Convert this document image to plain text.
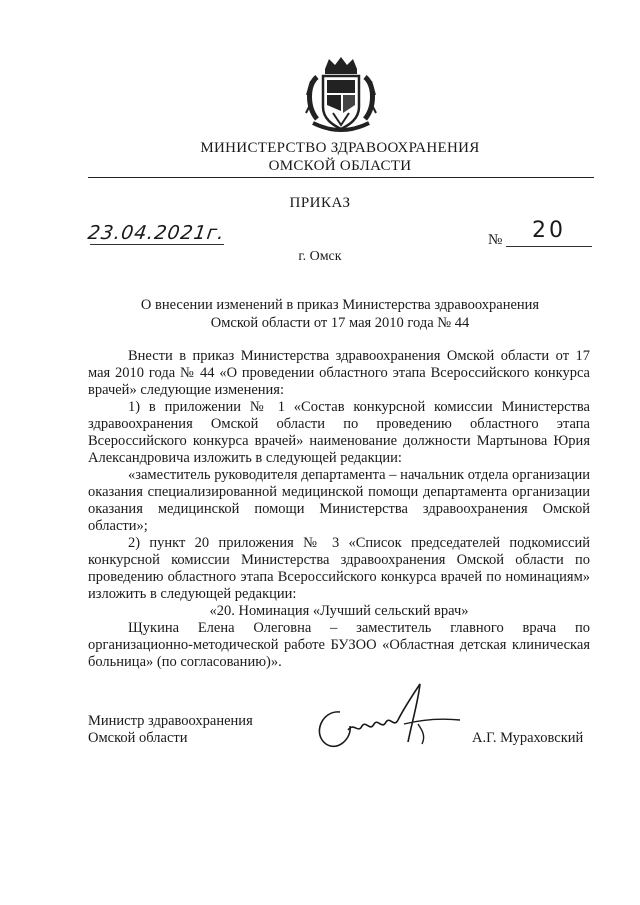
МИНИСТЕРСТВО ЗДРАВООХРАНЕНИЯ
ОМСКОЙ ОБЛАСТИ
ПРИКАЗ
23.04.2021г.	№	20
г. Омск
О внесении изменений в приказ Министерства здравоохранения
Омской области от 17 мая 2010 года № 44

Внести в приказ Министерства здравоохранения Омской области от 17 мая 2010 года № 44 «О проведении областного этапа Всероссийского конкурса врачей» следующие изменения:

1) в приложении № 1 «Состав конкурсной комиссии Министерства здравоохранения Омской области по проведению областного этапа Всероссийского конкурса врачей» наименование должности Мартынова Юрия Александровича изложить в следующей редакции:

«заместитель руководителя департамента – начальник отдела организации оказания специализированной медицинской помощи департамента организации оказания медицинской помощи Министерства здравоохранения Омской области»;

2) пункт 20 приложения № 3 «Список председателей подкомиссий конкурсной комиссии Министерства здравоохранения Омской области по проведению областного этапа Всероссийского конкурса врачей по номинациям» изложить в следующей редакции:

«20. Номинация «Лучший сельский врач»

Щукина Елена Олеговна – заместитель главного врача по организационно-методической работе БУЗОО «Областная детская клиническая больница» (по согласованию)».

Министр здравоохранения
Омской области	А.Г. Мураховский
